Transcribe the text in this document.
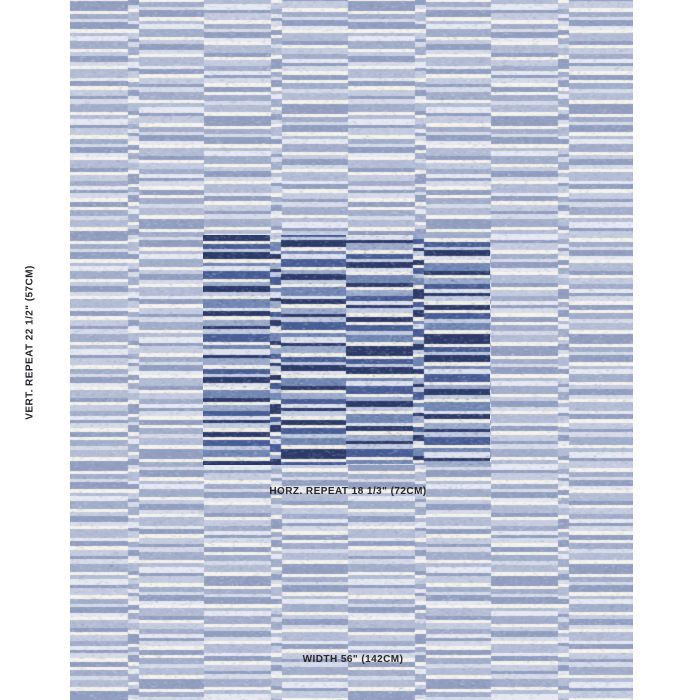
VERT. REPEAT 22 1/2" (57CM)
HORZ. REPEAT 18 1/3" (72CM)
WIDTH 56" (142CM)
